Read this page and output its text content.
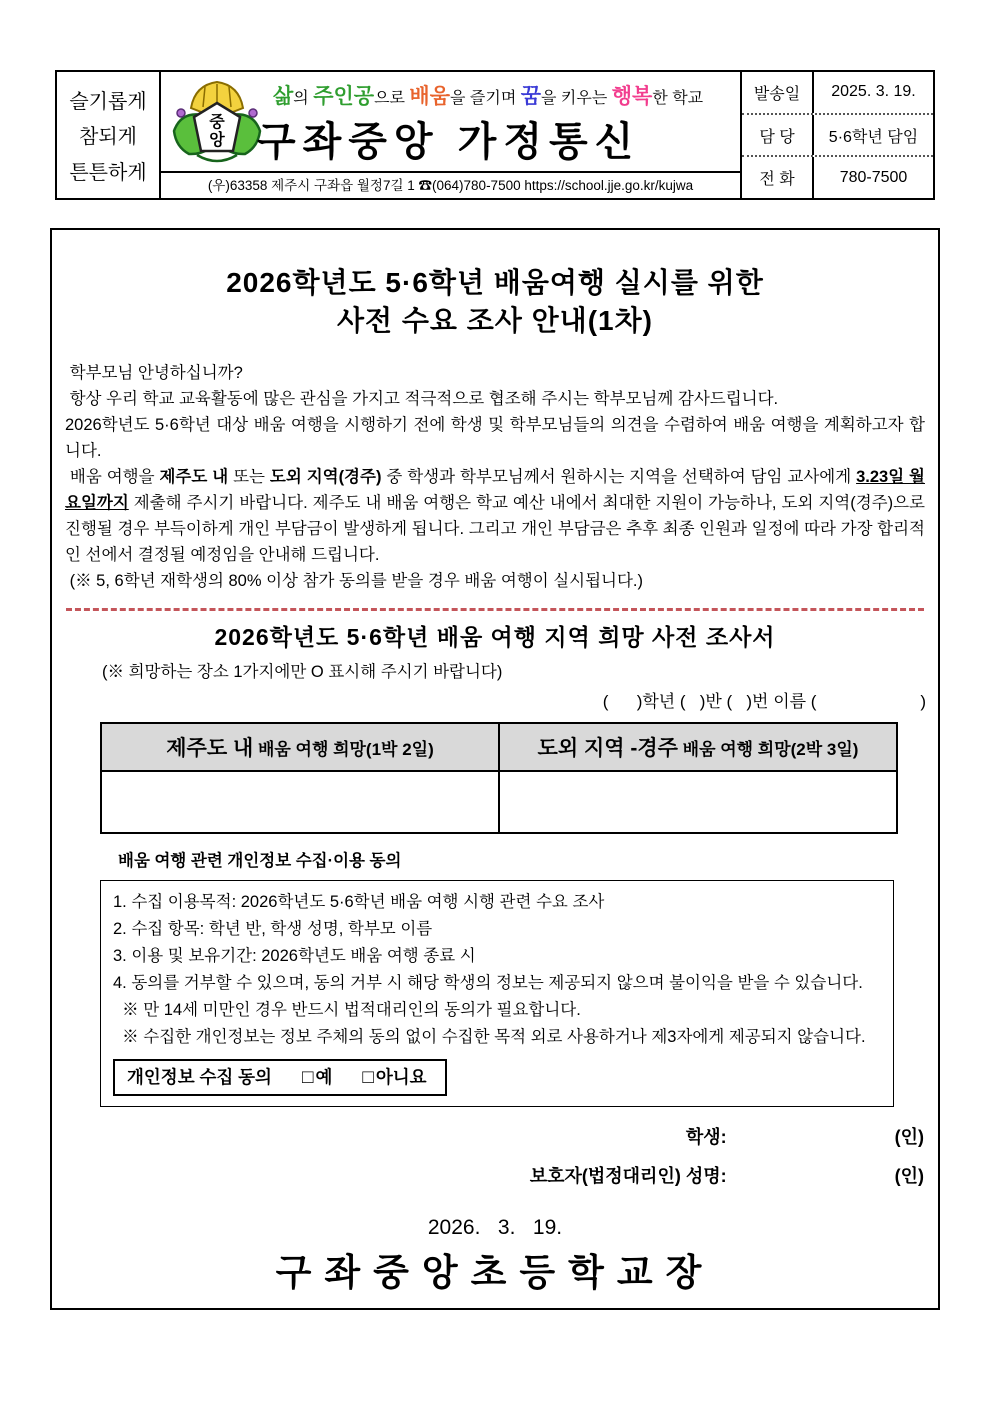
슬기롭게
참되게
튼튼하게
중
앙
삶의 주인공으로 배움을 즐기며 꿈을 키우는 행복한 학교
구좌중앙 가정통신
(우)63358 제주시 구좌읍 월정7길 1 ☎(064)780-7500 https://school.jje.go.kr/kujwa
발송일	2025. 3. 19.
담 당	5·6학년 담임
전 화	780-7500
2026학년도 5·6학년 배움여행 실시를 위한
사전 수요 조사 안내(1차)

학부모님 안녕하십니까?

항상 우리 학교 교육활동에 많은 관심을 가지고 적극적으로 협조해 주시는 학부모님께 감사드립니다.

2026학년도 5·6학년 대상 배움 여행을 시행하기 전에 학생 및 학부모님들의 의견을 수렴하여 배움 여행을 계획하고자 합니다.

배움 여행을 제주도 내 또는 도외 지역(경주) 중 학생과 학부모님께서 원하시는 지역을 선택하여 담임 교사에게 3.23일 월요일까지 제출해 주시기 바랍니다. 제주도 내 배움 여행은 학교 예산 내에서 최대한 지원이 가능하나, 도외 지역(경주)으로 진행될 경우 부득이하게 개인 부담금이 발생하게 됩니다. 그리고 개인 부담금은 추후 최종 인원과 일정에 따라 가장 합리적인 선에서 결정될 예정임을 안내해 드립니다.

(※ 5, 6학년 재학생의 80% 이상 참가 동의를 받을 경우 배움 여행이 실시됩니다.)

2026학년도 5·6학년 배움 여행 지역 희망 사전 조사서
(※ 희망하는 장소 1가지에만 O 표시해 주시기 바랍니다)
(      )학년 (   )반 (   )번 이름 (                      )
제주도 내 배움 여행 희망(1박 2일)	도외 지역 -경주 배움 여행 희망(2박 3일)

배움 여행 관련 개인정보 수집·이용 동의
1. 수집 이용목적: 2026학년도 5·6학년 배움 여행 시행 관련 수요 조사
2. 수집 항목: 학년 반, 학생 성명, 학부모 이름
3. 이용 및 보유기간: 2026학년도 배움 여행 종료 시
4. 동의를 거부할 수 있으며, 동의 거부 시 해당 학생의 정보는 제공되지 않으며 불이익을 받을 수 있습니다.
※ 만 14세 미만인 경우 반드시 법적대리인의 동의가 필요합니다.
※ 수집한 개인정보는 정보 주체의 동의 없이 수집한 목적 외로 사용하거나 제3자에게 제공되지 않습니다.
개인정보 수집 동의 □ 예 □ 아니요
학생:	(인)
보호자(법정대리인) 성명:	(인)
2026.   3.   19.
구좌중앙초등학교장
